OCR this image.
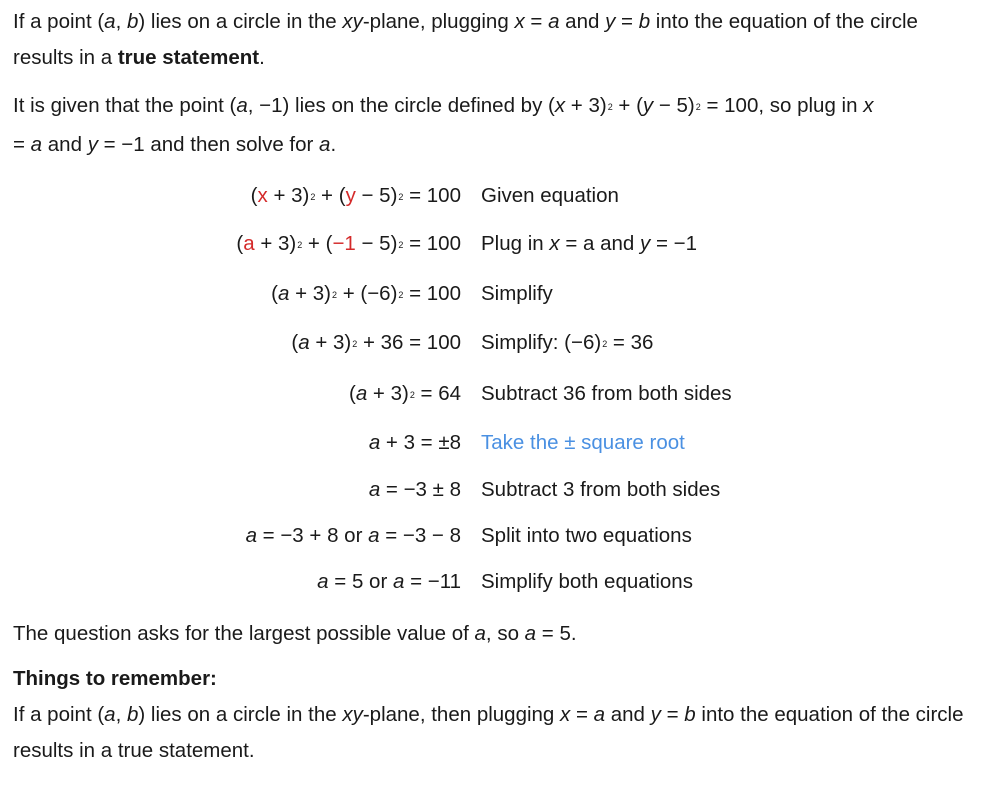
If a point (a, b) lies on a circle in the xy-plane, plugging x = a and y = b into the equation of the circle results in a true statement.

It is given that the point (a, −1) lies on the circle defined by $(x + 3)^2 + (y - 5)^2 = 100$, so plug in x
= a and y = −1 and then solve for a.

$(x + 3)^2 + (y - 5)^2 = 100$ Given equation
$(a + 3)^2 + (-1 - 5)^2 = 100$ Plug in x = a and y = −1
$(a + 3)^2 + (-6)^2 = 100$ Simplify
$(a + 3)^2 + 36 = 100$ Simplify: $(-6)^2 = 36$
$(a + 3)^2 = 64$ Subtract 36 from both sides
a + 3 = ±8 Take the ± square root
a = −3 ± 8 Subtract 3 from both sides
a = −3 + 8 or a = −3 − 8 Split into two equations
a = 5 or a = −11 Simplify both equations

The question asks for the largest possible value of a, so a = 5.

Things to remember:

If a point (a, b) lies on a circle in the xy-plane, then plugging x = a and y = b into the equation of the circle results in a true statement.
